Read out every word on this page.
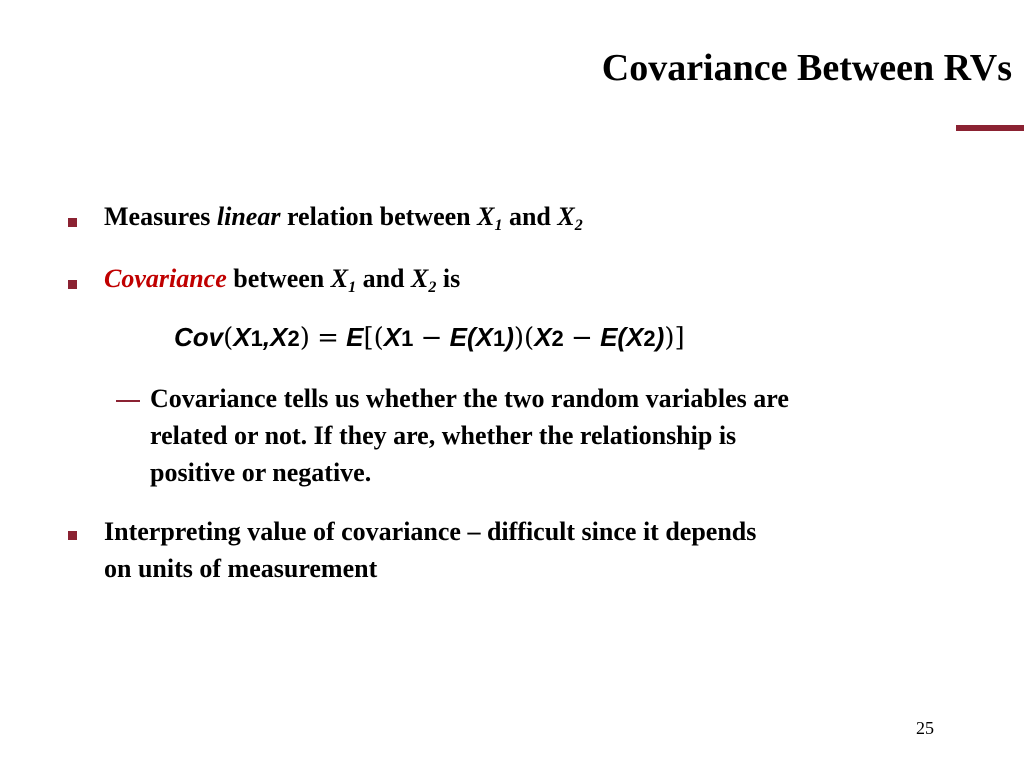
Covariance Between RVs
Measures linear relation between $X_1$ and $X_2$
Covariance between $X_1$ and $X_2$ is
Cov(X1,X2) = E[(X1 − E(X1))(X2 − E(X2))]
Covariance tells us whether the two random variables are
related or not. If they are, whether the relationship is
positive or negative.
Interpreting value of covariance – difficult since it depends
on units of measurement
25
